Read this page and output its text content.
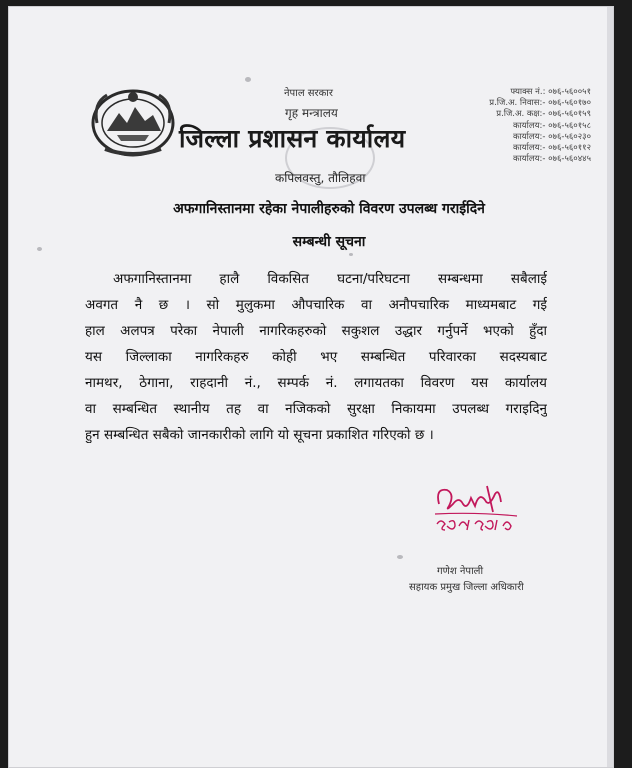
नेपाल सरकार
गृह मन्त्रालय
जिल्ला प्रशासन कार्यालय
कपिलवस्तु, तौलिहवा
फ्याक्स नं.: ०७६-५६००५१
प्र.जि.अ. निवास:- ०७६-५६०१७०
प्र.जि.अ. कक्ष:- ०७६-५६०१५९
कार्यालय:- ०७६-५६०१५८
कार्यालय:- ०७६-५६०२३०
कार्यालय:- ०७६-५६०११२
कार्यालय:- ०७६-५६०४४५
अफगानिस्तानमा रहेका नेपालीहरुको विवरण उपलब्ध गराईदिने
सम्बन्धी सूचना
अफगानिस्तानमा हालै विकसित घटना/परिघटना सम्बन्धमा सबैलाई
अवगत नै छ । सो मुलुकमा औपचारिक वा अनौपचारिक माध्यमबाट गई
हाल अलपत्र परेका नेपाली नागरिकहरुको सकुशल उद्धार गर्नुपर्ने भएको हुँदा
यस जिल्लाका नागरिकहरु कोही भए सम्बन्धित परिवारका सदस्यबाट
नामथर, ठेगाना, राहदानी नं., सम्पर्क नं. लगायतका विवरण यस कार्यालय
वा सम्बन्धित स्थानीय तह वा नजिकको सुरक्षा निकायमा उपलब्ध गराइदिनु
हुन सम्बन्धित सबैको जानकारीको लागि यो सूचना प्रकाशित गरिएको छ ।
गणेश नेपाली
सहायक प्रमुख जिल्ला अधिकारी
